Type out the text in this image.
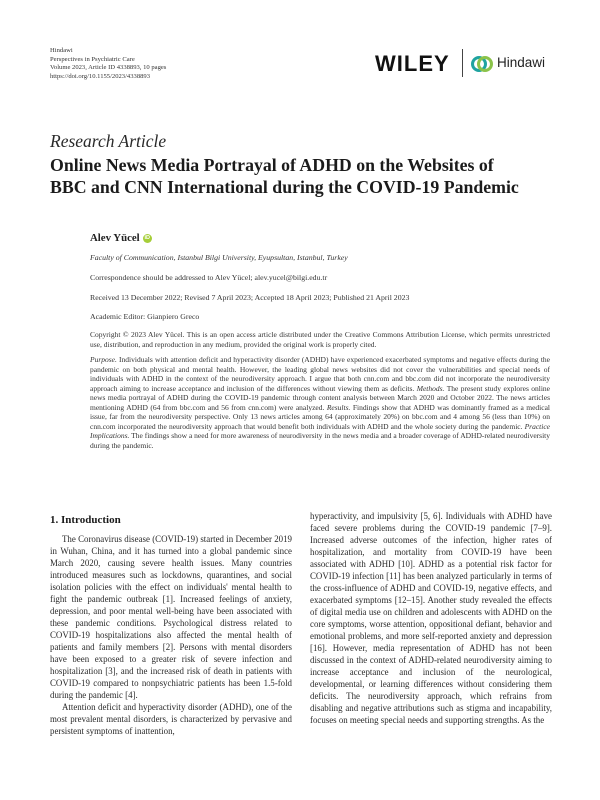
Hindawi
Perspectives in Psychiatric Care
Volume 2023, Article ID 4338893, 10 pages
https://doi.org/10.1155/2023/4338893
WILEY	Hindawi
Research Article
Online News Media Portrayal of ADHD on the Websites of
BBC and CNN International during the COVID-19 Pandemic
Alev Yücel iD
Faculty of Communication, Istanbul Bilgi University, Eyupsultan, Istanbul, Turkey
Correspondence should be addressed to Alev Yücel; alev.yucel@bilgi.edu.tr
Received 13 December 2022; Revised 7 April 2023; Accepted 18 April 2023; Published 21 April 2023
Academic Editor: Gianpiero Greco
Copyright © 2023 Alev Yücel. This is an open access article distributed under the Creative Commons Attribution License, which permits unrestricted use, distribution, and reproduction in any medium, provided the original work is properly cited.
Purpose. Individuals with attention deficit and hyperactivity disorder (ADHD) have experienced exacerbated symptoms and negative effects during the pandemic on both physical and mental health. However, the leading global news websites did not cover the vulnerabilities and special needs of individuals with ADHD in the context of the neurodiversity approach. I argue that both cnn.com and bbc.com did not incorporate the neurodiversity approach aiming to increase acceptance and inclusion of the differences without viewing them as deficits. Methods. The present study explores online news media portrayal of ADHD during the COVID-19 pandemic through content analysis between March 2020 and October 2022. The news articles mentioning ADHD (64 from bbc.com and 56 from cnn.com) were analyzed. Results. Findings show that ADHD was dominantly framed as a medical issue, far from the neurodiversity perspective. Only 13 news articles among 64 (approximately 20%) on bbc.com and 4 among 56 (less than 10%) on cnn.com incorporated the neurodiversity approach that would benefit both individuals with ADHD and the whole society during the pandemic. Practice Implications. The findings show a need for more awareness of neurodiversity in the news media and a broader coverage of ADHD-related neurodiversity during the pandemic.
1. Introduction

The Coronavirus disease (COVID-19) started in December 2019 in Wuhan, China, and it has turned into a global pandemic since March 2020, causing severe health issues. Many countries introduced measures such as lockdowns, quarantines, and social isolation policies with the effect on individuals' mental health to fight the pandemic outbreak [1]. Increased feelings of anxiety, depression, and poor mental well-being have been associated with these pandemic conditions. Psychological distress related to COVID-19 hospitalizations also affected the mental health of patients and family members [2]. Persons with mental disorders have been exposed to a greater risk of severe infection and hospitalization [3], and the increased risk of death in patients with COVID-19 compared to nonpsychiatric patients has been 1.5-fold during the pandemic [4].

Attention deficit and hyperactivity disorder (ADHD), one of the most prevalent mental disorders, is characterized by pervasive and persistent symptoms of inattention,

hyperactivity, and impulsivity [5, 6]. Individuals with ADHD have faced severe problems during the COVID-19 pandemic [7–9]. Increased adverse outcomes of the infection, higher rates of hospitalization, and mortality from COVID-19 have been associated with ADHD [10]. ADHD as a potential risk factor for COVID-19 infection [11] has been analyzed particularly in terms of the cross-influence of ADHD and COVID-19, negative effects, and exacerbated symptoms [12–15]. Another study revealed the effects of digital media use on children and adolescents with ADHD on the core symptoms, worse attention, oppositional defiant, behavior and emotional problems, and more self-reported anxiety and depression [16]. However, media representation of ADHD has not been discussed in the context of ADHD-related neurodiversity aiming to increase acceptance and inclusion of the neurological, developmental, or learning differences without considering them deficits. The neurodiversity approach, which refrains from disabling and negative attributions such as stigma and incapability, focuses on meeting special needs and supporting strengths. As the
